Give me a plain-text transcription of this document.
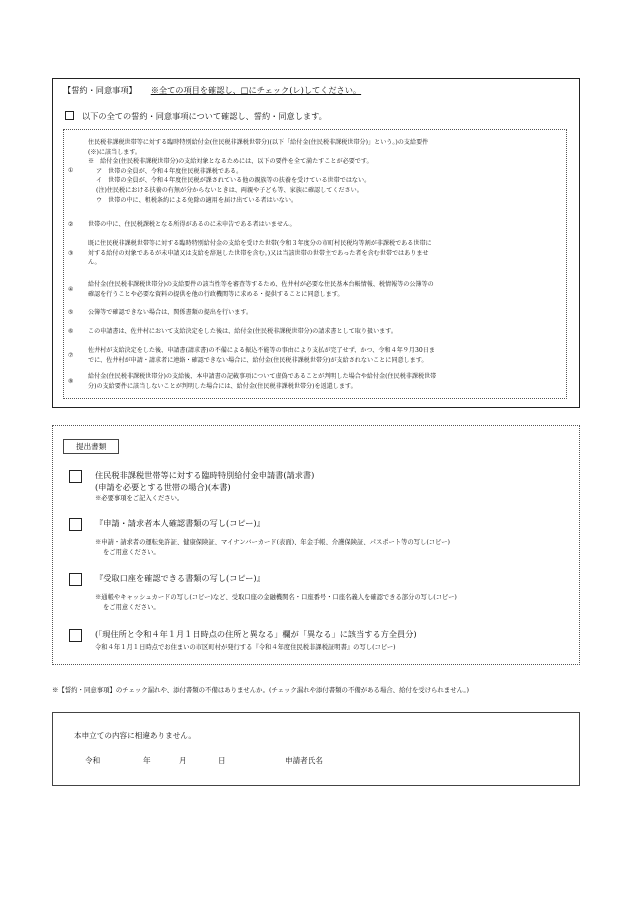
【誓約・同意事項】 ※全ての項目を確認し、□にチェック(レ)してください。
以下の全ての誓約・同意事項について確認し、誓約・同意します。
①
住民税非課税世帯等に対する臨時特別給付金(住民税非課税世帯分)(以下「給付金(住民税非課税世帯分)」という。)の支給要件
(※)に該当します。
※　給付金(住民税非課税世帯分)の支給対象となるためには、以下の要件を全て満たすことが必要です。
ア　世帯の全員が、令和４年度住民税非課税である。
イ　世帯の全員が、令和４年度住民税が課されている他の親族等の扶養を受けている世帯ではない。
(注)住民税における扶養の有無が分からないときは、両親や子ども等、家族に確認してください。
ウ　世帯の中に、租税条約による免除の適用を届け出ている者はいない。
② 世帯の中に、住民税課税となる所得があるのに未申告である者はいません。
③
既に住民税非課税世帯等に対する臨時特別給付金の支給を受けた世帯(令和３年度分の市町村民税均等割が非課税である世帯に
対する給付の対象であるが未申請又は支給を辞退した世帯を含む。)又は当該世帯の世帯主であった者を含む世帯ではありませ
ん。
④
給付金(住民税非課税世帯分)の支給要件の該当性等を審査等するため、佐井村が必要な住民基本台帳情報、税情報等の公簿等の
確認を行うことや必要な資料の提供を他の行政機関等に求める・提供することに同意します。
⑤ 公簿等で確認できない場合は、関係書類の提出を行います。
⑥ この申請書は、佐井村において支給決定をした後は、給付金(住民税非課税世帯分)の請求書として取り扱います。
⑦
佐井村が支給決定をした後、申請書(請求書)の不備による振込不能等の事由により支払が完了せず、かつ、令和４年９月30日ま
でに、佐井村が申請・請求者に連絡・確認できない場合に、給付金(住民税非課税世帯分)が支給されないことに同意します。
⑧
給付金(住民税非課税世帯分)の支給後、本申請書の記載事項について虚偽であることが判明した場合や給付金(住民税非課税世帯
分)の支給要件に該当しないことが判明した場合には、給付金(住民税非課税世帯分)を返還します。
提出書類
住民税非課税世帯等に対する臨時特別給付金申請書(請求書)
(申請を必要とする世帯の場合)(本書)
※必要事項をご記入ください。
『申請・請求者本人確認書類の写し(コピー)』
※申請・請求者の運転免許証、健康保険証、マイナンバーカード(表面)、年金手帳、介護保険証、パスポート等の写し(コピー)
をご用意ください。
『受取口座を確認できる書類の写し(コピー)』
※通帳やキャッシュカードの写し(コピー)など、受取口座の金融機関名・口座番号・口座名義人を確認できる部分の写し(コピー)
をご用意ください。
(「現住所と令和４年１月１日時点の住所と異なる」欄が「異なる」に該当する方全員分)
令和４年１月１日時点でお住まいの市区町村が発行する『令和４年度住民税非課税証明書』の写し(コピー)
※【誓約・同意事項】のチェック漏れや、添付書類の不備はありませんか。(チェック漏れや添付書類の不備がある場合、給付を受けられません。)
本申立ての内容に相違ありません。
令和	年	月	日	申請者氏名
